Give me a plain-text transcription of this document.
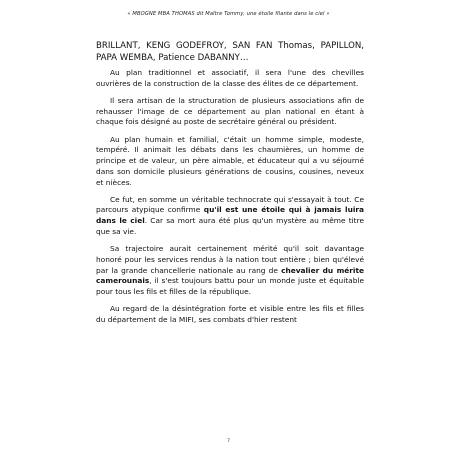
« MBOGNE MBA THOMAS dit Maître Tommy, une étoile filante dans le ciel »

BRILLANT, KENG GODEFROY, SAN FAN Thomas, PAPILLON, PAPA WEMBA, Patience DABANNY…

Au plan traditionnel et associatif, il sera l'une des chevilles ouvrières de la construction de la classe des élites de ce département.

Il sera artisan de la structuration de plusieurs associations afin de rehausser l'image de ce département au plan national en étant à chaque fois désigné au poste de secrétaire général ou président.

Au plan humain et familial, c'était un homme simple, modeste, tempéré. Il animait les débats dans les chaumières, un homme de principe et de valeur, un père aimable, et éducateur qui a vu séjourné dans son domicile plusieurs générations de cousins, cousines, neveux et nièces.

Ce fut, en somme un véritable technocrate qui s'essayait à tout. Ce parcours atypique confirme qu'il est une étoile qui à jamais luira dans le ciel. Car sa mort aura été plus qu'un mystère au même titre que sa vie.

Sa trajectoire aurait certainement mérité qu'il soit davantage honoré pour les services rendus à la nation tout entière ; bien qu'élevé par la grande chancellerie nationale au rang de chevalier du mérite camerounais, il s'est toujours battu pour un monde juste et équitable pour tous les fils et filles de la république.

Au regard de la désintégration forte et visible entre les fils et filles du département de la MIFI, ses combats d'hier restent

7
